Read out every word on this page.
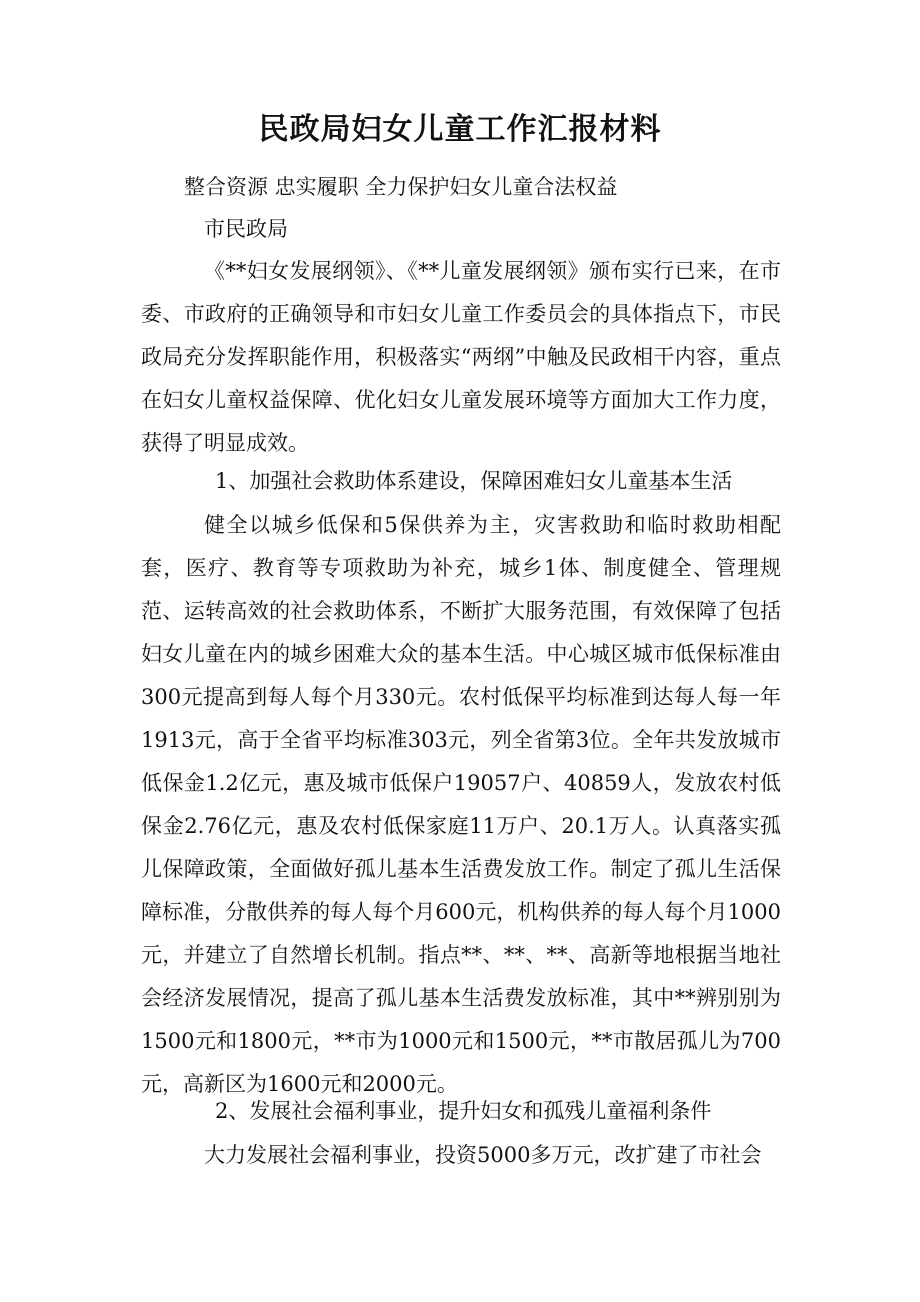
民政局妇女儿童工作汇报材料

整合资源 忠实履职 全力保护妇女儿童合法权益

市民政局

《**妇女发展纲领》、《**儿童发展纲领》颁布实行已来，在市委、市政府的正确领导和市妇女儿童工作委员会的具体指点下，市民政局充分发挥职能作用，积极落实“两纲”中触及民政相干内容，重点在妇女儿童权益保障、优化妇女儿童发展环境等方面加大工作力度，获得了明显成效。

1、加强社会救助体系建设，保障困难妇女儿童基本生活

健全以城乡低保和5保供养为主，灾害救助和临时救助相配套，医疗、教育等专项救助为补充，城乡1体、制度健全、管理规范、运转高效的社会救助体系，不断扩大服务范围，有效保障了包括妇女儿童在内的城乡困难大众的基本生活。中心城区城市低保标准由300元提高到每人每个月330元。农村低保平均标准到达每人每一年1913元，高于全省平均标准303元，列全省第3位。全年共发放城市低保金1.2亿元，惠及城市低保户19057户、40859人，发放农村低保金2.76亿元，惠及农村低保家庭11万户、20.1万人。认真落实孤儿保障政策，全面做好孤儿基本生活费发放工作。制定了孤儿生活保障标准，分散供养的每人每个月600元，机构供养的每人每个月1000元，并建立了自然增长机制。指点**、**、**、高新等地根据当地社会经济发展情况，提高了孤儿基本生活费发放标准，其中**辨别别为1500元和1800元，**市为1000元和1500元，**市散居孤儿为700元，高新区为1600元和2000元。

2、发展社会福利事业，提升妇女和孤残儿童福利条件

大力发展社会福利事业，投资5000多万元，改扩建了市社会
